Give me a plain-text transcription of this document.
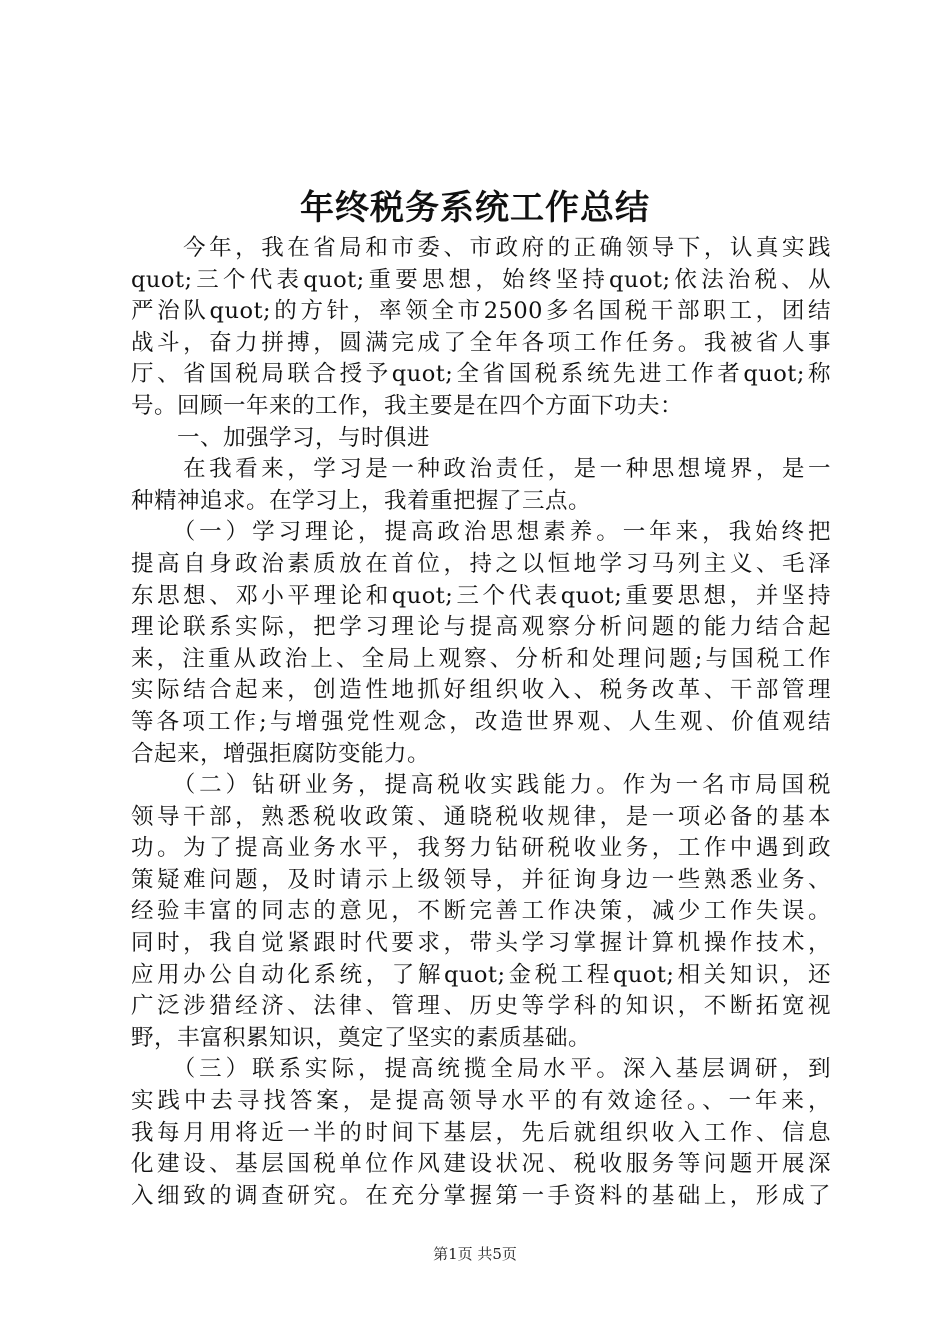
年终税务系统工作总结
　　今年，我在省局和市委、市政府的正确领导下，认真实践
quot;三个代表quot;重要思想，始终坚持quot;依法治税、从
严治队quot;的方针，率领全市2500多名国税干部职工，团结
战斗，奋力拼搏，圆满完成了全年各项工作任务。我被省人事
厅、省国税局联合授予quot;全省国税系统先进工作者quot;称
号。回顾一年来的工作，我主要是在四个方面下功夫：
　　一、加强学习，与时俱进
　　在我看来，学习是一种政治责任，是一种思想境界，是一
种精神追求。在学习上，我着重把握了三点。
　　（一）学习理论，提高政治思想素养。一年来，我始终把
提高自身政治素质放在首位，持之以恒地学习马列主义、毛泽
东思想、邓小平理论和quot;三个代表quot;重要思想，并坚持
理论联系实际，把学习理论与提高观察分析问题的能力结合起
来，注重从政治上、全局上观察、分析和处理问题;与国税工作
实际结合起来，创造性地抓好组织收入、税务改革、干部管理
等各项工作;与增强党性观念，改造世界观、人生观、价值观结
合起来，增强拒腐防变能力。
　　（二）钻研业务，提高税收实践能力。作为一名市局国税
领导干部，熟悉税收政策、通晓税收规律，是一项必备的基本
功。为了提高业务水平，我努力钻研税收业务，工作中遇到政
策疑难问题，及时请示上级领导，并征询身边一些熟悉业务、
经验丰富的同志的意见，不断完善工作决策，减少工作失误。
同时，我自觉紧跟时代要求，带头学习掌握计算机操作技术，
应用办公自动化系统，了解quot;金税工程quot;相关知识，还
广泛涉猎经济、法律、管理、历史等学科的知识，不断拓宽视
野，丰富积累知识，奠定了坚实的素质基础。
　　（三）联系实际，提高统揽全局水平。深入基层调研，到
实践中去寻找答案，是提高领导水平的有效途径。、一年来，
我每月用将近一半的时间下基层，先后就组织收入工作、信息
化建设、基层国税单位作风建设状况、税收服务等问题开展深
入细致的调查研究。在充分掌握第一手资料的基础上，形成了
第1页 共5页
